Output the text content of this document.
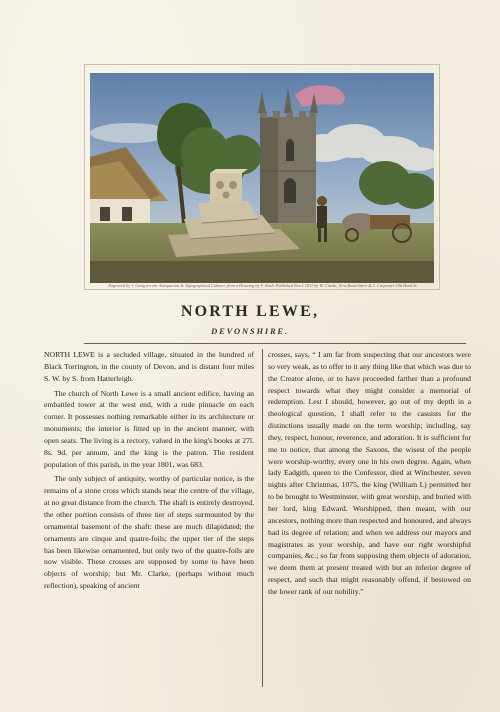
Engraved by J. Greig for the Antiquarian & Topographical Cabinet, from a Drawing by F. Nash. Published Nov.1 1811 by W. Clarke, New Bond Street & J. Carpenter Old Bond St.
NORTH LEWE,
DEVONSHIRE.

NORTH LEWE is a secluded village, situated in the hundred of Black Torrington, in the county of Devon, and is distant four miles S. W. by S. from Hatterleigh.

The church of North Lewe is a small ancient edifice, having an embattled tower at the west end, with a rude pinnacle on each corner. It possesses nothing remarkable either in its architecture or monuments; the interior is fitted up in the ancient manner, with open seats. The living is a rectory, valued in the king's books at 27l. 8s. 9d. per annum, and the king is the patron. The resident population of this parish, in the year 1801, was 683.

The only subject of antiquity, worthy of particular notice, is the remains of a stone cross which stands near the centre of the village, at no great distance from the church. The shaft is entirely destroyed, the other portion consists of three tier of steps surmounted by the ornamental basement of the shaft: these are much dilapidated; the ornaments are cinque and quatre-foils; the upper tier of the steps has been likewise ornamented, but only two of the quatre-foils are now visible. These crosses are supposed by some to have been objects of worship; but Mr. Clarke, (perhaps without much reflection), speaking of ancient

crosses, says, “ I am far from suspecting that our ancestors were so very weak, as to offer to it any thing like that which was due to the Creator alone, or to have proceeded farther than a profound respect towards what they might consider a memorial of redemption. Lest I should, however, go out of my depth in a theological question, I shall refer to the casuists for the distinctions usually made on the term worship; including, say they, respect, honour, reverence, and adoration. It is sufficient for me to notice, that among the Saxons, the wisest of the people were worship-worthy, every one in his own degree. Again, when lady Eadgith, queen to the Confessor, died at Winchester, seven nights after Christmas, 1075, the king (William I.) permitted her to be brought to Westminster, with great worship, and buried with her lord, king Edward. Worshipped, then meant, with our ancestors, nothing more than respected and honoured, and always had its degree of relation; and when we address our mayors and magistrates as your worship, and have our right worshipful companies, &c.; so far from supposing them objects of adoration, we deem them at present treated with but an inferior degree of respect, and such that might reasonably offend, if bestowed on the lower rank of our nobility.”
